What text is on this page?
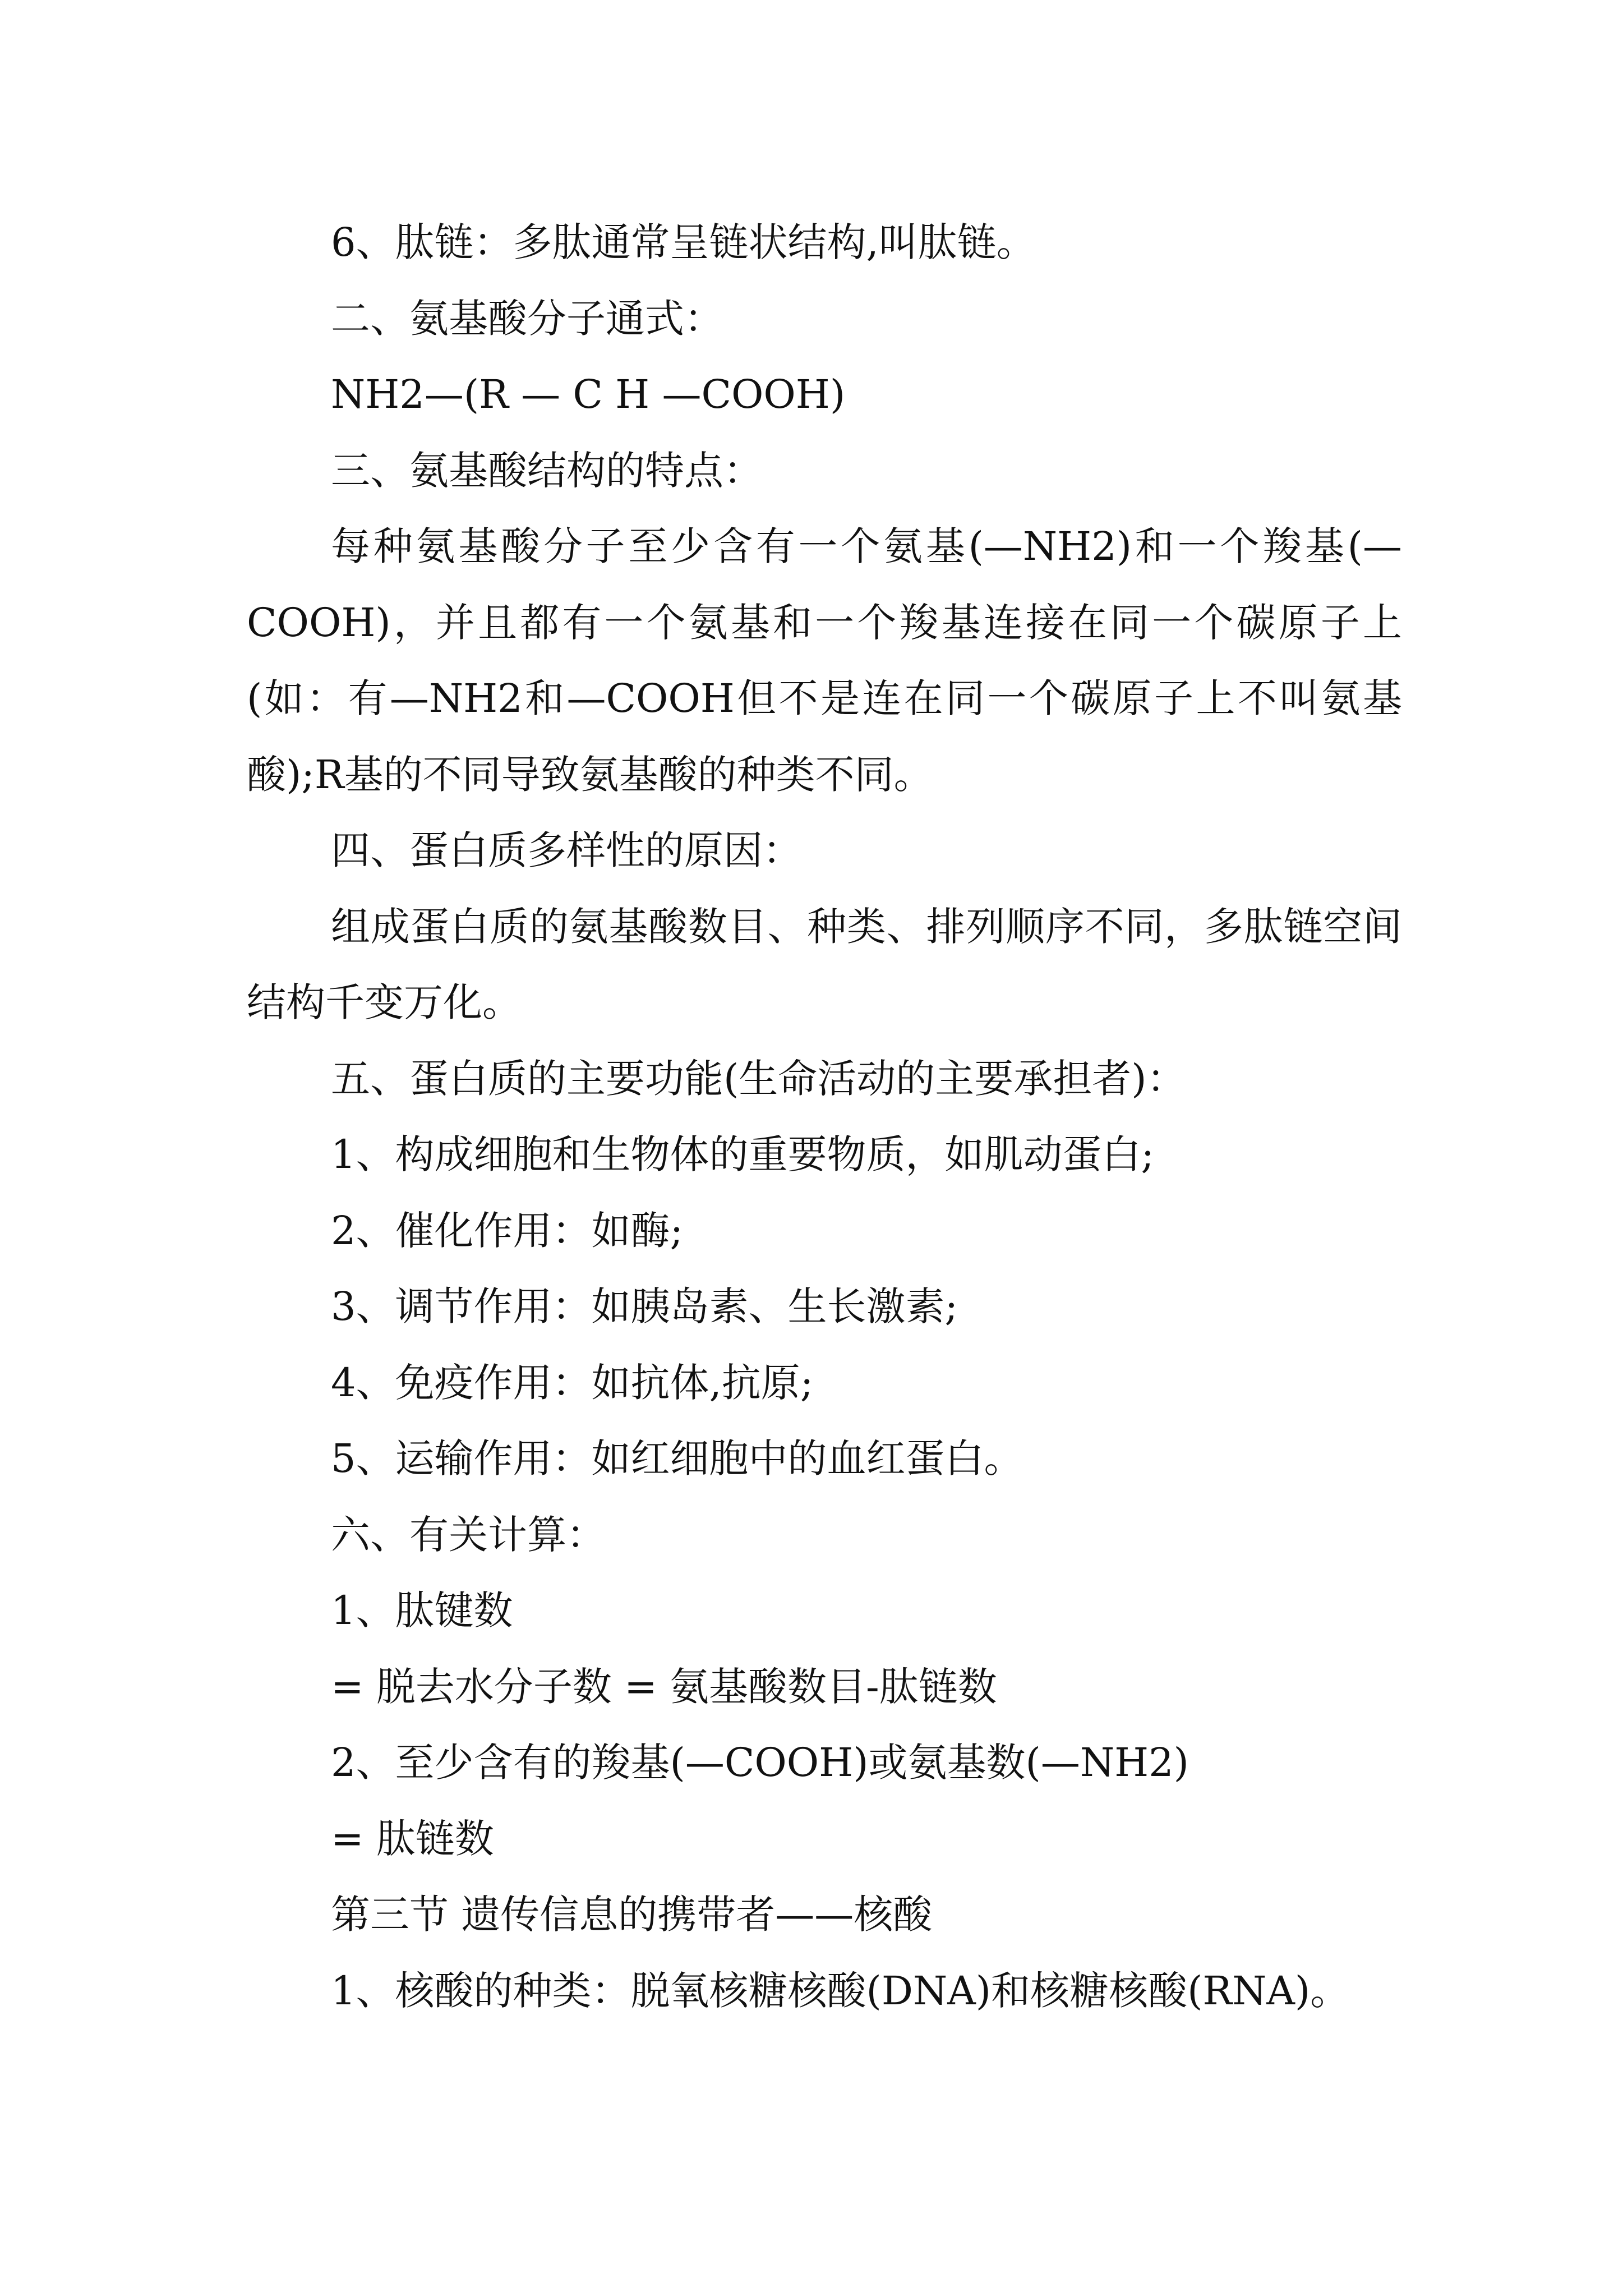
6、肽链：多肽通常呈链状结构,叫肽链。
二、氨基酸分子通式：
NH2—(R — C H —COOH)
三、氨基酸结构的特点：
每种氨基酸分子至少含有一个氨基(—NH2)和一个羧基(—COOH)，并且都有一个氨基和一个羧基连接在同一个碳原子上(如：有—NH2和—COOH但不是连在同一个碳原子上不叫氨基酸);R基的不同导致氨基酸的种类不同。
四、蛋白质多样性的原因：
组成蛋白质的氨基酸数目、种类、排列顺序不同，多肽链空间结构千变万化。
五、蛋白质的主要功能(生命活动的主要承担者)：
1、构成细胞和生物体的重要物质，如肌动蛋白;
2、催化作用：如酶;
3、调节作用：如胰岛素、生长激素;
4、免疫作用：如抗体,抗原;
5、运输作用：如红细胞中的血红蛋白。
六、有关计算：
1、肽键数
= 脱去水分子数 = 氨基酸数目-肽链数
2、至少含有的羧基(—COOH)或氨基数(—NH2)
= 肽链数
第三节 遗传信息的携带者——核酸
1、核酸的种类：脱氧核糖核酸(DNA)和核糖核酸(RNA)。
